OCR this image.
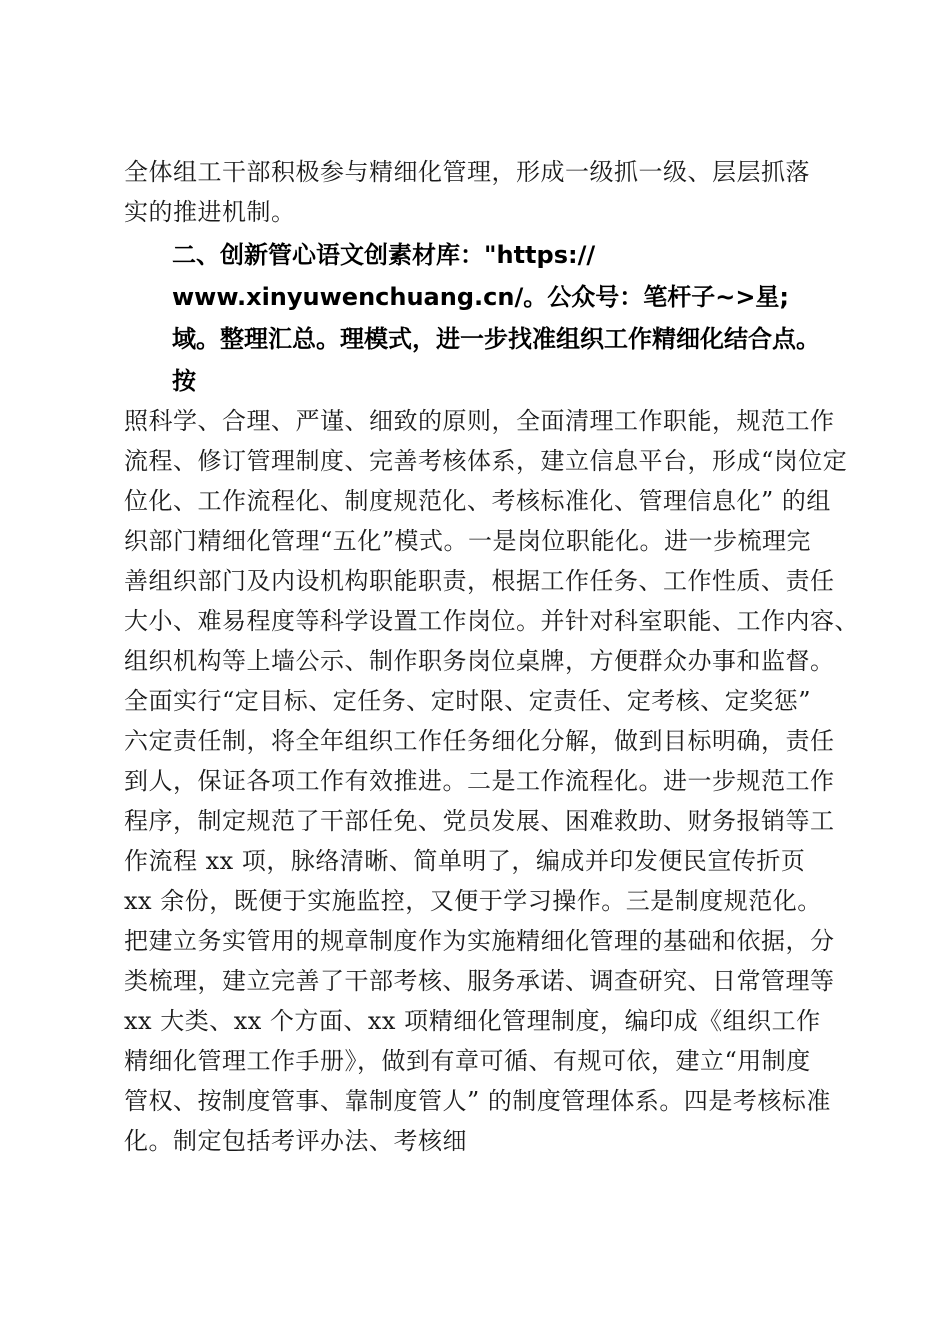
全体组工干部积极参与精细化管理，形成一级抓一级、层层抓落
实的推进机制。
二、创新管心语文创素材库："https://
www.xinyuwenchuang.cn/。公众号：笔杆子~>星;
域。整理汇总。理模式，进一步找准组织工作精细化结合点。
按
照科学、合理、严谨、细致的原则，全面清理工作职能，规范工作
流程、修订管理制度、完善考核体系，建立信息平台，形成“岗位定
位化、工作流程化、制度规范化、考核标准化、管理信息化” 的组
织部门精细化管理“五化”模式。一是岗位职能化。进一步梳理完
善组织部门及内设机构职能职责，根据工作任务、工作性质、责任
大小、难易程度等科学设置工作岗位。并针对科室职能、工作内容、
组织机构等上墙公示、制作职务岗位桌牌，方便群众办事和监督。
全面实行“定目标、定任务、定时限、定责任、定考核、定奖惩”
六定责任制，将全年组织工作任务细化分解，做到目标明确，责任
到人，保证各项工作有效推进。二是工作流程化。进一步规范工作
程序，制定规范了干部任免、党员发展、困难救助、财务报销等工
作流程 xx 项，脉络清晰、简单明了，编成并印发便民宣传折页
xx 余份，既便于实施监控，又便于学习操作。三是制度规范化。
把建立务实管用的规章制度作为实施精细化管理的基础和依据，分
类梳理，建立完善了干部考核、服务承诺、调查研究、日常管理等
xx 大类、xx 个方面、xx 项精细化管理制度，编印成《组织工作
精细化管理工作手册》，做到有章可循、有规可依，建立“用制度
管权、按制度管事、靠制度管人” 的制度管理体系。四是考核标准
化。制定包括考评办法、考核细
